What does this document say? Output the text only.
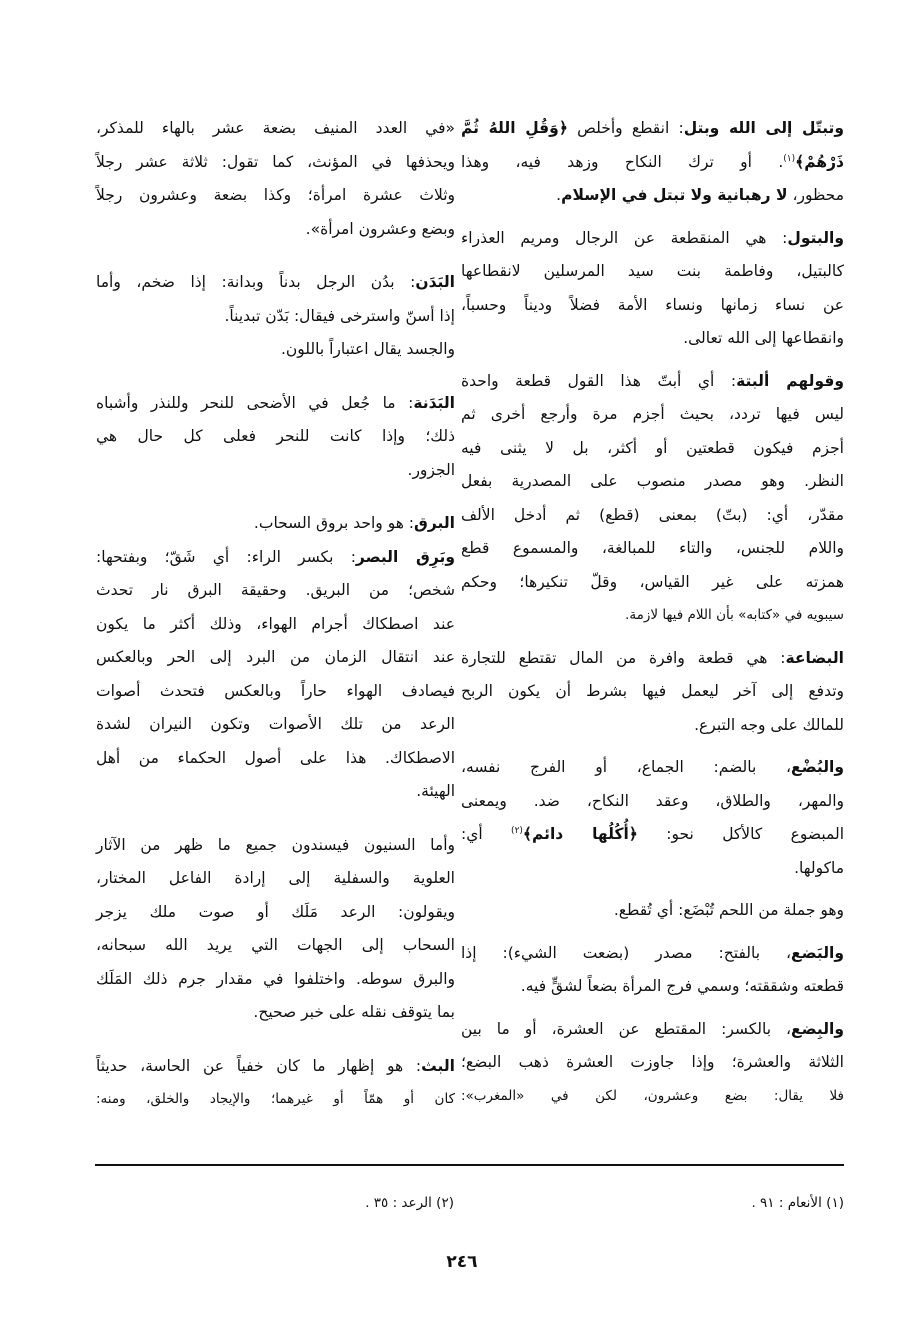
وتبتّل إلى الله وبتل: انقطع وأخلص ﴿وَقُلِ اللهُ ثُمَّ
ذَرْهُمْ﴾$^{(١)}$. أو ترك النكاح وزهد فيه، وهذا
محظور، لا رهبانية ولا تبتل في الإسلام.
والبتول: هي المنقطعة عن الرجال ومريم العذراء
كالبتيل، وفاطمة بنت سيد المرسلين لانقطاعها
عن نساء زمانها ونساء الأمة فضلاً وديناً وحسباً،
وانقطاعها إلى الله تعالى.
وقولهم ألبتة: أي أبتّ هذا القول قطعة واحدة
ليس فيها تردد، بحيث أجزم مرة وأرجع أخرى ثم
أجزم فيكون قطعتين أو أكثر، بل لا يثنى فيه
النظر. وهو مصدر منصوب على المصدرية بفعل
مقدّر، أي: (بتّ) بمعنى (قطع) ثم أدخل الألف
واللام للجنس، والتاء للمبالغة، والمسموع قطع
همزته على غير القياس، وقلّ تنكيرها؛ وحكم
سيبويه في «كتابه» بأن اللام فيها لازمة.
البضاعة: هي قطعة وافرة من المال تقتطع للتجارة
وتدفع إلى آخر ليعمل فيها بشرط أن يكون الربح
للمالك على وجه التبرع.
والبُضْع، بالضم: الجماع، أو الفرج نفسه،
والمهر، والطلاق، وعقد النكاح، ضد. ويمعنى
المبضوع كالأكل نحو: ﴿أُكُلُها دائم﴾$^{(٢)}$ أي:
ماكولها.
وهو جملة من اللحم تُبْضَع: أي تُقطع.
والبَضع، بالفتح: مصدر (بضعت الشيء): إذا
قطعته وشققته؛ وسمي فرج المرأة بضعاً لشقٍّ فيه.
والبِضع، بالكسر: المقتطع عن العشرة، أو ما بين
الثلاثة والعشرة؛ وإذا جاوزت العشرة ذهب البضع؛
فلا يقال: بضع وعشرون، لكن في «المغرب»:
«في العدد المنيف بضعة عشر بالهاء للمذكر،
ويحذفها في المؤنث، كما تقول: ثلاثة عشر رجلاً
وثلاث عشرة امرأة؛ وكذا بضعة وعشرون رجلاً
وبضع وعشرون امرأة».
البَدَن: بدُن الرجل بدناً وبدانة: إذا ضخم، وأما
إذا أسنّ واسترخى فيقال: بَدّن تبديناً.
والجسد يقال اعتباراً باللون.
البَدَنة: ما جُعل في الأضحى للنحر وللنذر وأشباه
ذلك؛ وإذا كانت للنحر فعلى كل حال هي
الجزور.
البرق: هو واحد بروق السحاب.
وبَرِق البصر: بكسر الراء: أي شَقّ؛ وبفتحها:
شخص؛ من البريق. وحقيقة البرق نار تحدث
عند اصطكاك أجرام الهواء، وذلك أكثر ما يكون
عند انتقال الزمان من البرد إلى الحر وبالعكس
فيصادف الهواء حاراً وبالعكس فتحدث أصوات
الرعد من تلك الأصوات وتكون النيران لشدة
الاصطكاك. هذا على أصول الحكماء من أهل
الهيئة.
وأما السنيون فيسندون جميع ما ظهر من الآثار
العلوية والسفلية إلى إرادة الفاعل المختار،
ويقولون: الرعد مَلَك أو صوت ملك يزجر
السحاب إلى الجهات التي يريد الله سبحانه،
والبرق سوطه. واختلفوا في مقدار جرم ذلك المَلَك
بما يتوقف نقله على خبر صحيح.
البث: هو إظهار ما كان خفياً عن الحاسة، حديثاً
كان أو همّاً أو غيرهما؛ والإيجاد والخلق، ومنه:
(١) الأنعام : ٩١ .
(٢) الرعد : ٣٥ .
٢٤٦
